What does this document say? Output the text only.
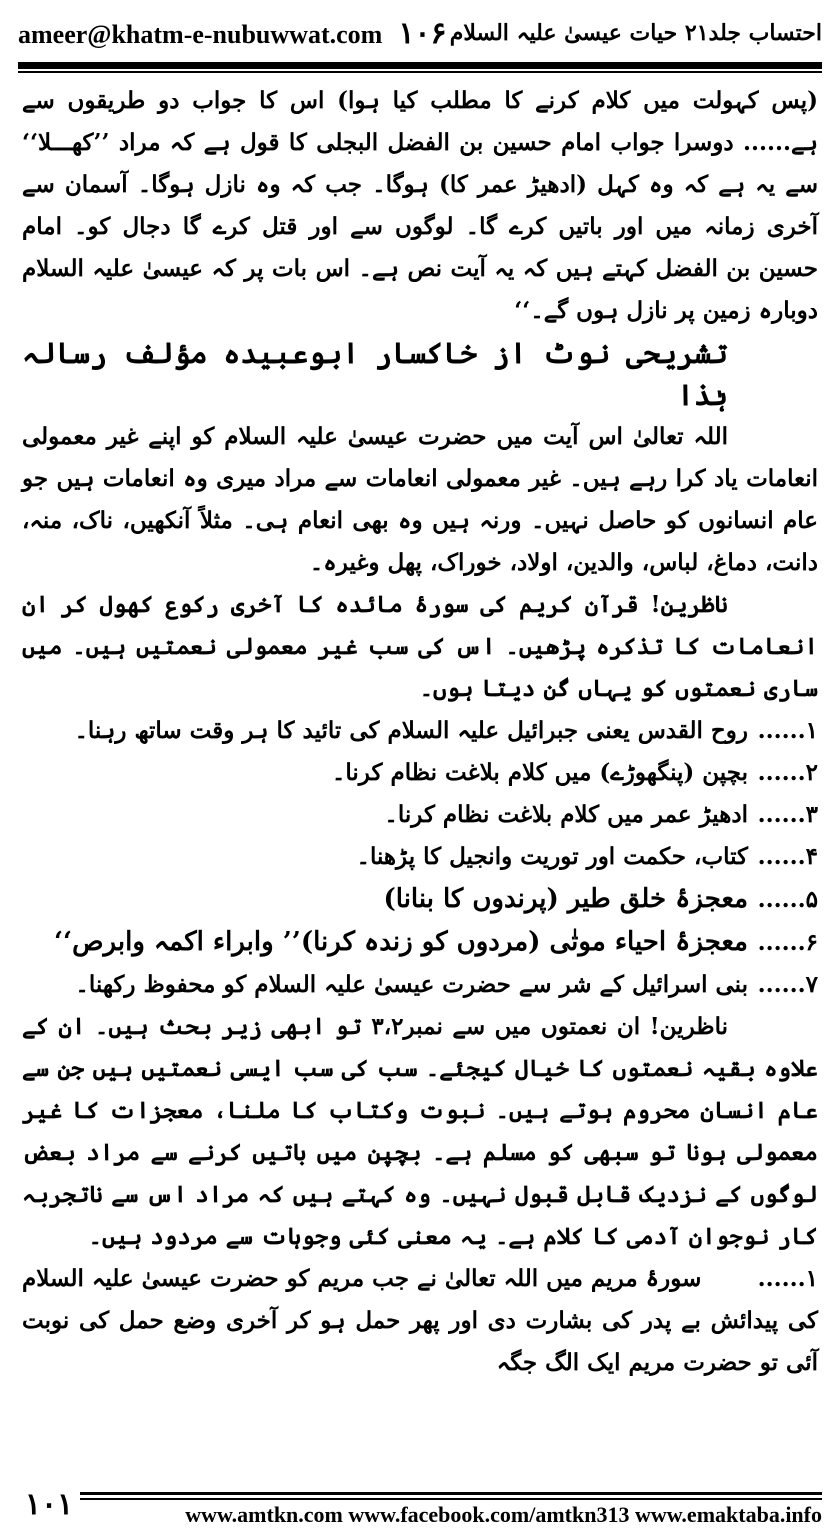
ameer@khatm-e-nubuwwat.com ۱۰۶ احتساب جلد۲۱ حیات عیسیٰ علیہ السلام

(پس کہولت میں کلام کرنے کا مطلب کیا ہوا) اس کا جواب دو طریقوں سے ہے...... دوسرا جواب امام حسین بن الفضل البجلی کا قول ہے کہ مراد ’’کھـــلا‘‘ سے یہ ہے کہ وہ کہل (ادھیڑ عمر کا) ہوگا۔ جب کہ وہ نازل ہوگا۔ آسمان سے آخری زمانہ میں اور باتیں کرے گا۔ لوگوں سے اور قتل کرے گا دجال کو۔ امام حسین بن الفضل کہتے ہیں کہ یہ آیت نص ہے۔ اس بات پر کہ عیسیٰ علیہ السلام دوبارہ زمین پر نازل ہوں گے۔‘‘

تشریحی نوٹ از خاکسار ابوعبیدہ مؤلف رسالہ ہٰذا

اللہ تعالیٰ اس آیت میں حضرت عیسیٰ علیہ السلام کو اپنے غیر معمولی انعامات یاد کرا رہے ہیں۔ غیر معمولی انعامات سے مراد میری وہ انعامات ہیں جو عام انسانوں کو حاصل نہیں۔ ورنہ ہیں وہ بھی انعام ہی۔ مثلاً آنکھیں، ناک، منہ، دانت، دماغ، لباس، والدین، اولاد، خوراک، پھل وغیرہ۔

ناظرین! قرآن کریم کی سورۂ مائدہ کا آخری رکوع کھول کر ان انعامات کا تذکرہ پڑھیں۔ اس کی سب غیر معمولی نعمتیں ہیں۔ میں ساری نعمتوں کو یہاں گن دیتا ہوں۔

۱......
روح القدس یعنی جبرائیل علیہ السلام کی تائید کا ہر وقت ساتھ رہنا۔
۲......
بچپن (پنگھوڑے) میں کلام بلاغت نظام کرنا۔
۳......
ادھیڑ عمر میں کلام بلاغت نظام کرنا۔
۴......
کتاب، حکمت اور توریت وانجیل کا پڑھنا۔
۵......
معجزۂ خلق طیر (پرندوں کا بنانا)
۶......
معجزۂ احیاء موتٰی (مردوں کو زندہ کرنا)’’ وابراء اکمہ وابرص‘‘
۷......
بنی اسرائیل کے شر سے حضرت عیسیٰ علیہ السلام کو محفوظ رکھنا۔

ناظرین! ان نعمتوں میں سے نمبر۳،۲ تو ابھی زیر بحث ہیں۔ ان کے علاوہ بقیہ نعمتوں کا خیال کیجئے۔ سب کی سب ایسی نعمتیں ہیں جن سے عام انسان محروم ہوتے ہیں۔ نبوت وکتاب کا ملنا، معجزات کا غیر معمولی ہونا تو سبھی کو مسلم ہے۔ بچپن میں باتیں کرنے سے مراد بعض لوگوں کے نزدیک قابل قبول نہیں۔ وہ کہتے ہیں کہ مراد اس سے ناتجربہ کار نوجوان آدمی کا کلام ہے۔ یہ معنی کئی وجوہات سے مردود ہیں۔

۱......       سورۂ مریم میں اللہ تعالیٰ نے جب مریم کو حضرت عیسیٰ علیہ السلام کی پیدائش بے پدر کی بشارت دی اور پھر حمل ہو کر آخری وضع حمل کی نوبت آئی تو حضرت مریم ایک الگ جگہ

۱۰۱	www.amtkn.com www.facebook.com/amtkn313 www.emaktaba.info
